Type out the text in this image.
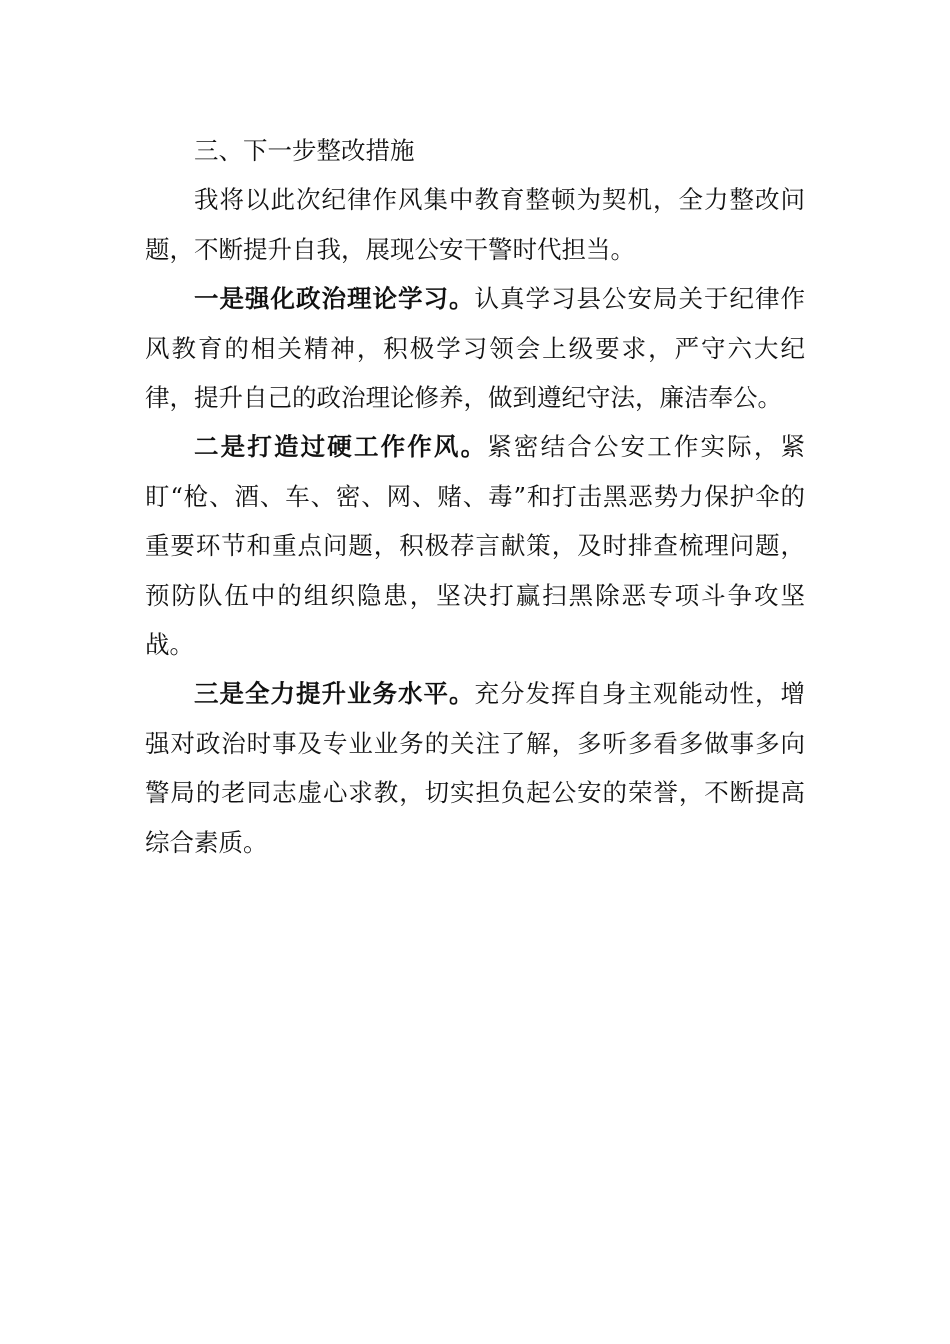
三、下一步整改措施

我将以此次纪律作风集中教育整顿为契机，全力整改问题，不断提升自我，展现公安干警时代担当。

一是强化政治理论学习。认真学习县公安局关于纪律作风教育的相关精神，积极学习领会上级要求，严守六大纪律，提升自己的政治理论修养，做到遵纪守法，廉洁奉公。

二是打造过硬工作作风。紧密结合公安工作实际，紧盯“枪、酒、车、密、网、赌、毒”和打击黑恶势力保护伞的重要环节和重点问题，积极荐言献策，及时排查梳理问题，预防队伍中的组织隐患，坚决打赢扫黑除恶专项斗争攻坚战。

三是全力提升业务水平。充分发挥自身主观能动性，增强对政治时事及专业业务的关注了解，多听多看多做事多向警局的老同志虚心求教，切实担负起公安的荣誉，不断提高综合素质。
